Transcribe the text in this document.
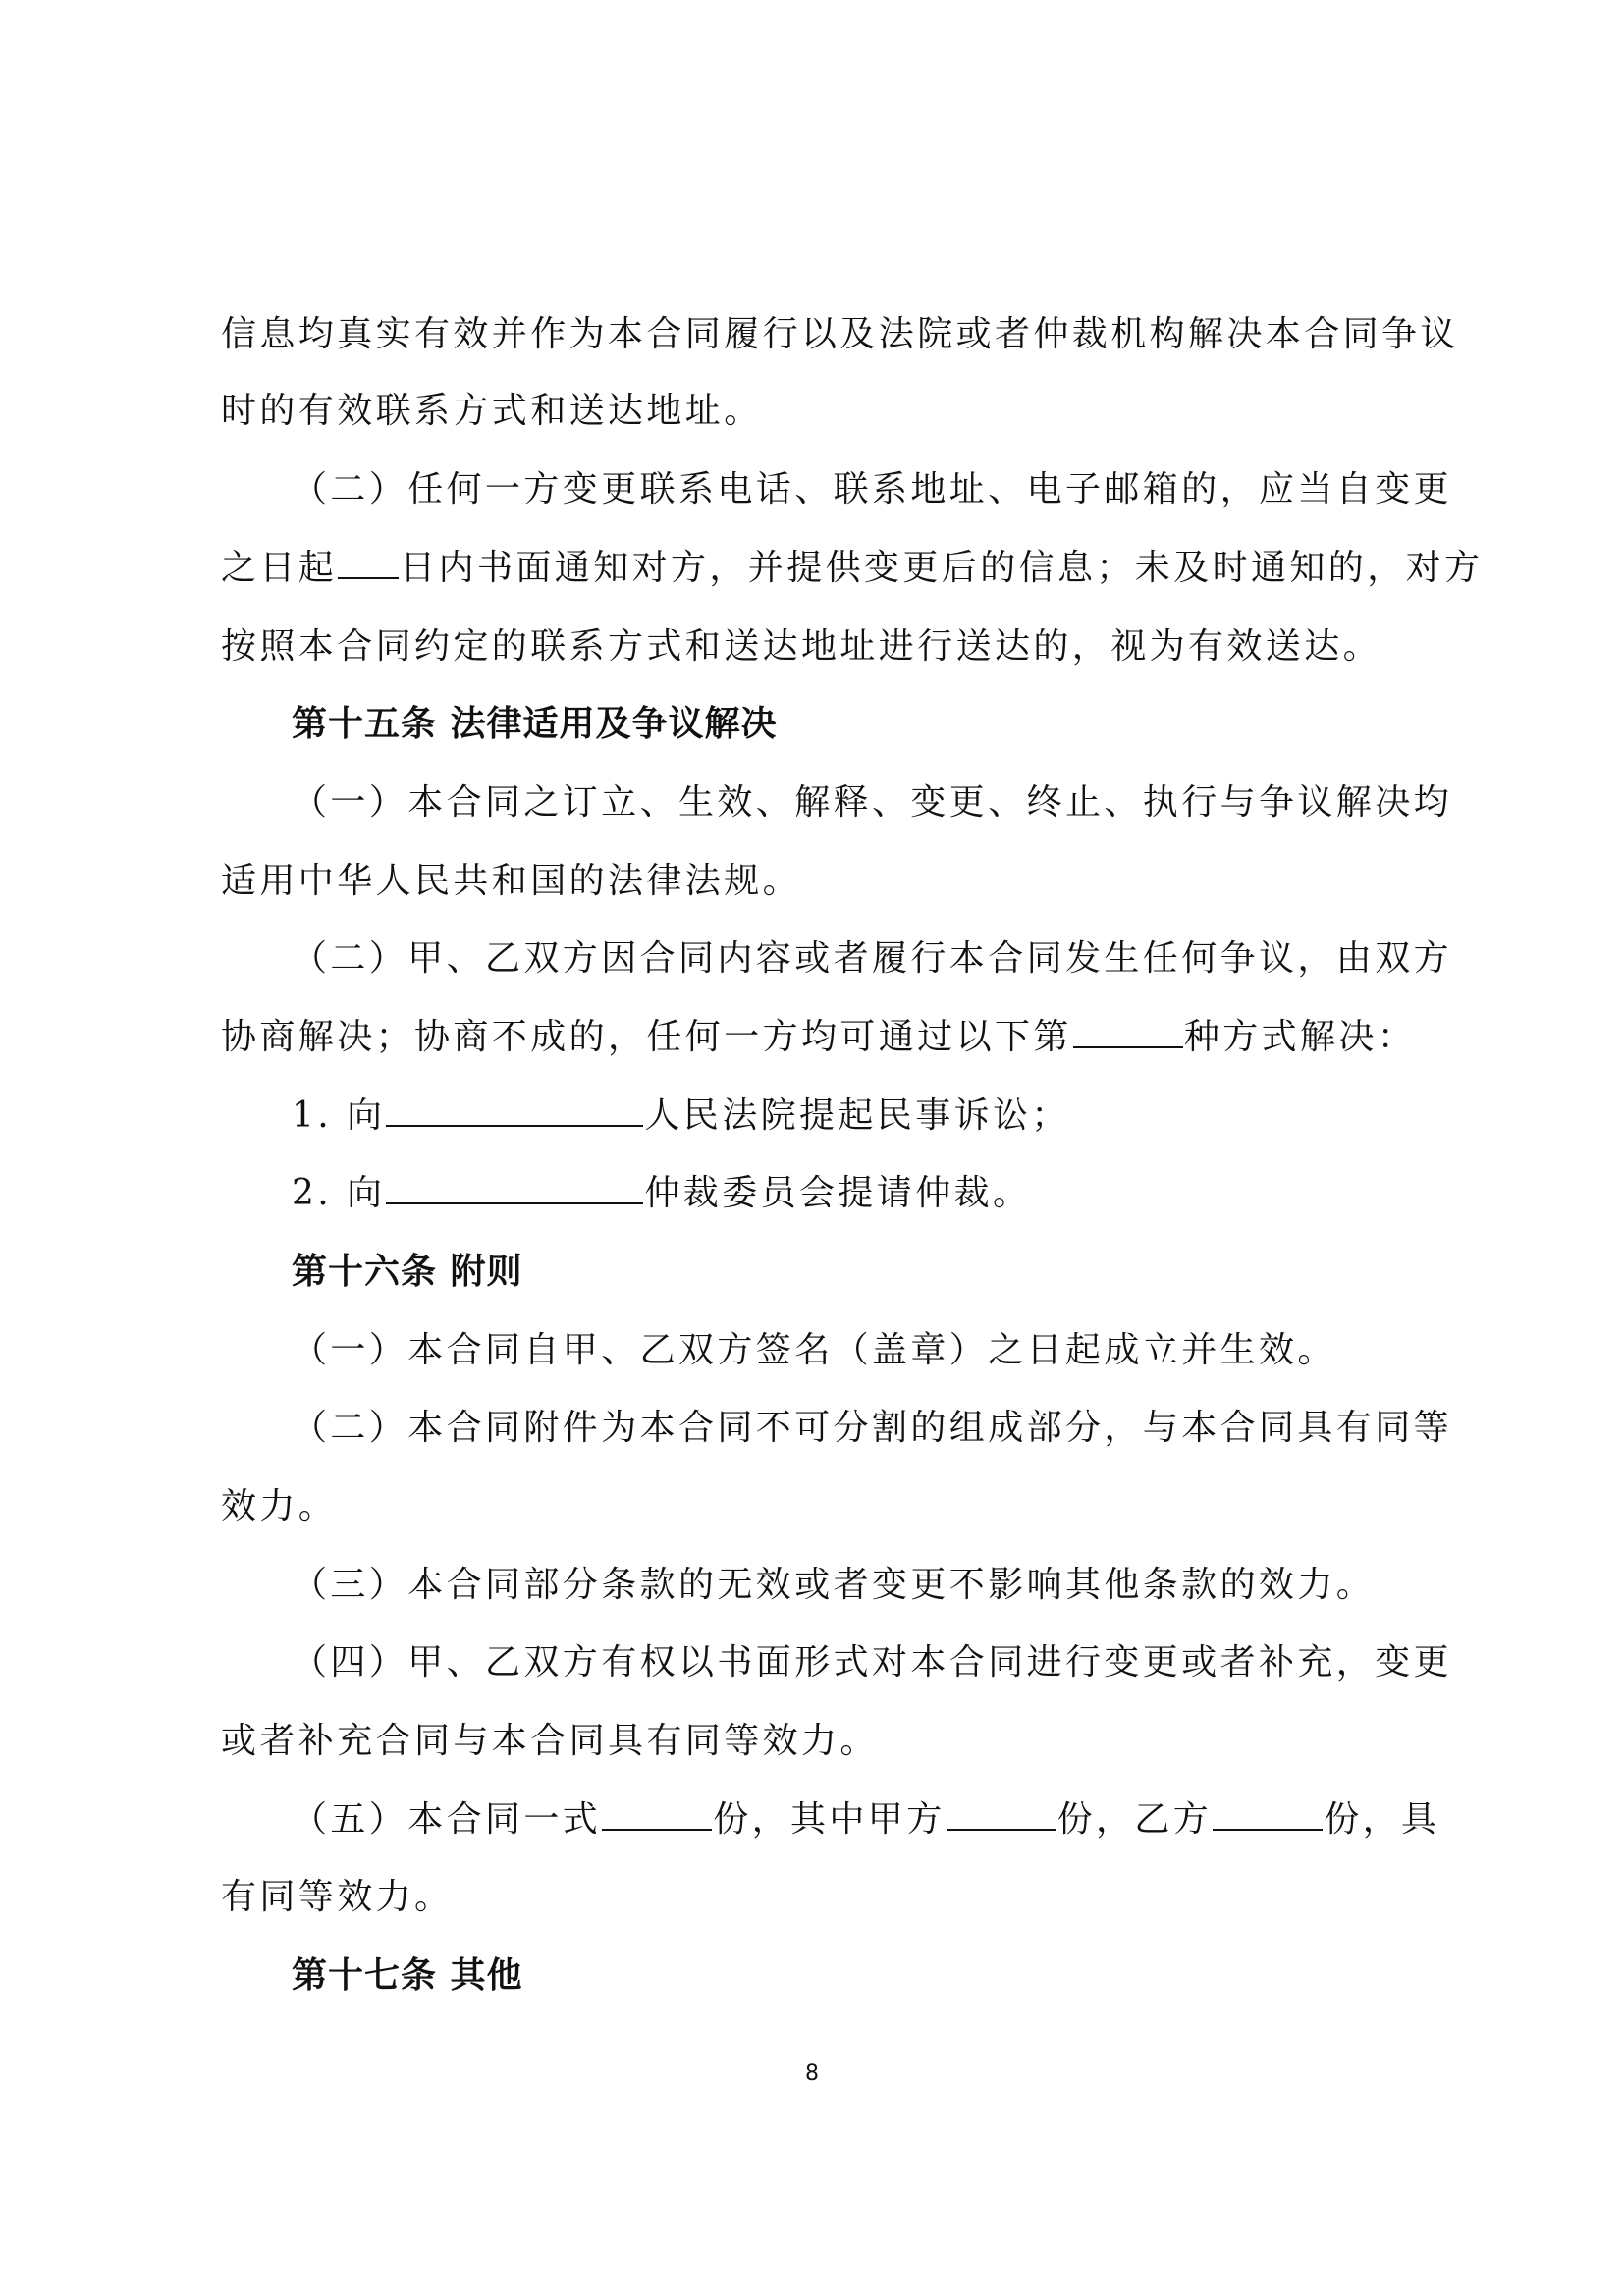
信息均真实有效并作为本合同履行以及法院或者仲裁机构解决本合同争议
时的有效联系方式和送达地址。
（二）任何一方变更联系电话、联系地址、电子邮箱的，应当自变更
之日起 日内书面通知对方，并提供变更后的信息；未及时通知的，对方
按照本合同约定的联系方式和送达地址进行送达的，视为有效送达。
第十五条 法律适用及争议解决
（一）本合同之订立、生效、解释、变更、终止、执行与争议解决均
适用中华人民共和国的法律法规。
（二）甲、乙双方因合同内容或者履行本合同发生任何争议，由双方
协商解决；协商不成的，任何一方均可通过以下第	种方式解决：
1. 向	人民法院提起民事诉讼；
2. 向	仲裁委员会提请仲裁。
第十六条 附则
（一）本合同自甲、乙双方签名（盖章）之日起成立并生效。
（二）本合同附件为本合同不可分割的组成部分，与本合同具有同等
效力。
（三）本合同部分条款的无效或者变更不影响其他条款的效力。
（四）甲、乙双方有权以书面形式对本合同进行变更或者补充，变更
或者补充合同与本合同具有同等效力。
（五）本合同一式	份，其中甲方	份，乙方	份，具
有同等效力。
第十七条 其他
8
